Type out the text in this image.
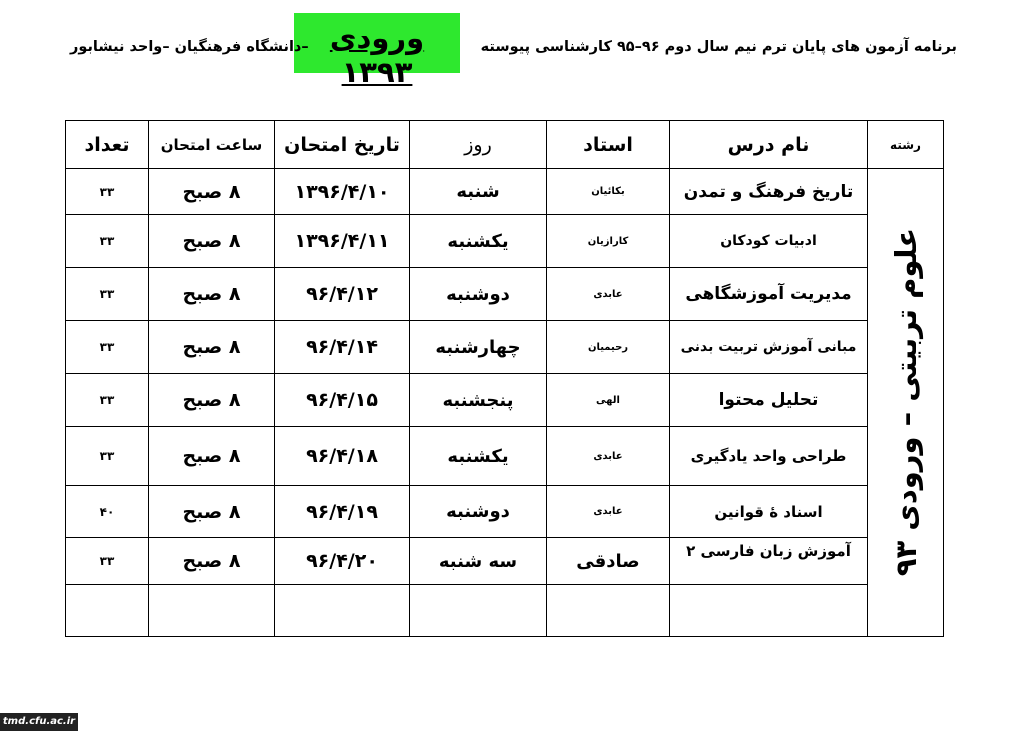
برنامه آزمون های پایان ترم نیم سال دوم ۹۶–۹۵ کارشناسی پیوسته–دانشگاه فرهنگیان –واحد نیشابور ورودی ۱۳۹۳
رشته	نام درس	استاد	روز	تاریخ امتحان	ساعت امتحان	تعداد

علوم تربیتی – ورودی ۹۳	تاریخ فرهنگ و تمدن	بکائیان	شنبه	۱۳۹۶/۴/۱۰	۸ صبح	۳۳
	ادبیات کودکان	کارازیان	یکشنبه	۱۳۹۶/۴/۱۱	۸ صبح	۳۳
	مدیریت آموزشگاهی	عابدی	دوشنبه	۹۶/۴/۱۲	۸ صبح	۳۳
	مبانی آموزش تربیت بدنی	رحیمیان	چهارشنبه	۹۶/۴/۱۴	۸ صبح	۳۳
	تحلیل محتوا	الهی	پنجشنبه	۹۶/۴/۱۵	۸ صبح	۳۳
	طراحی واحد یادگیری	عابدی	یکشنبه	۹۶/۴/۱۸	۸ صبح	۳۳
	اسناد ۀ قوانین	عابدی	دوشنبه	۹۶/۴/۱۹	۸ صبح	۴۰
	آموزش زبان فارسی ۲	صادقی	سه شنبه	۹۶/۴/۲۰	۸ صبح	۳۳

tmd.cfu.ac.ir
